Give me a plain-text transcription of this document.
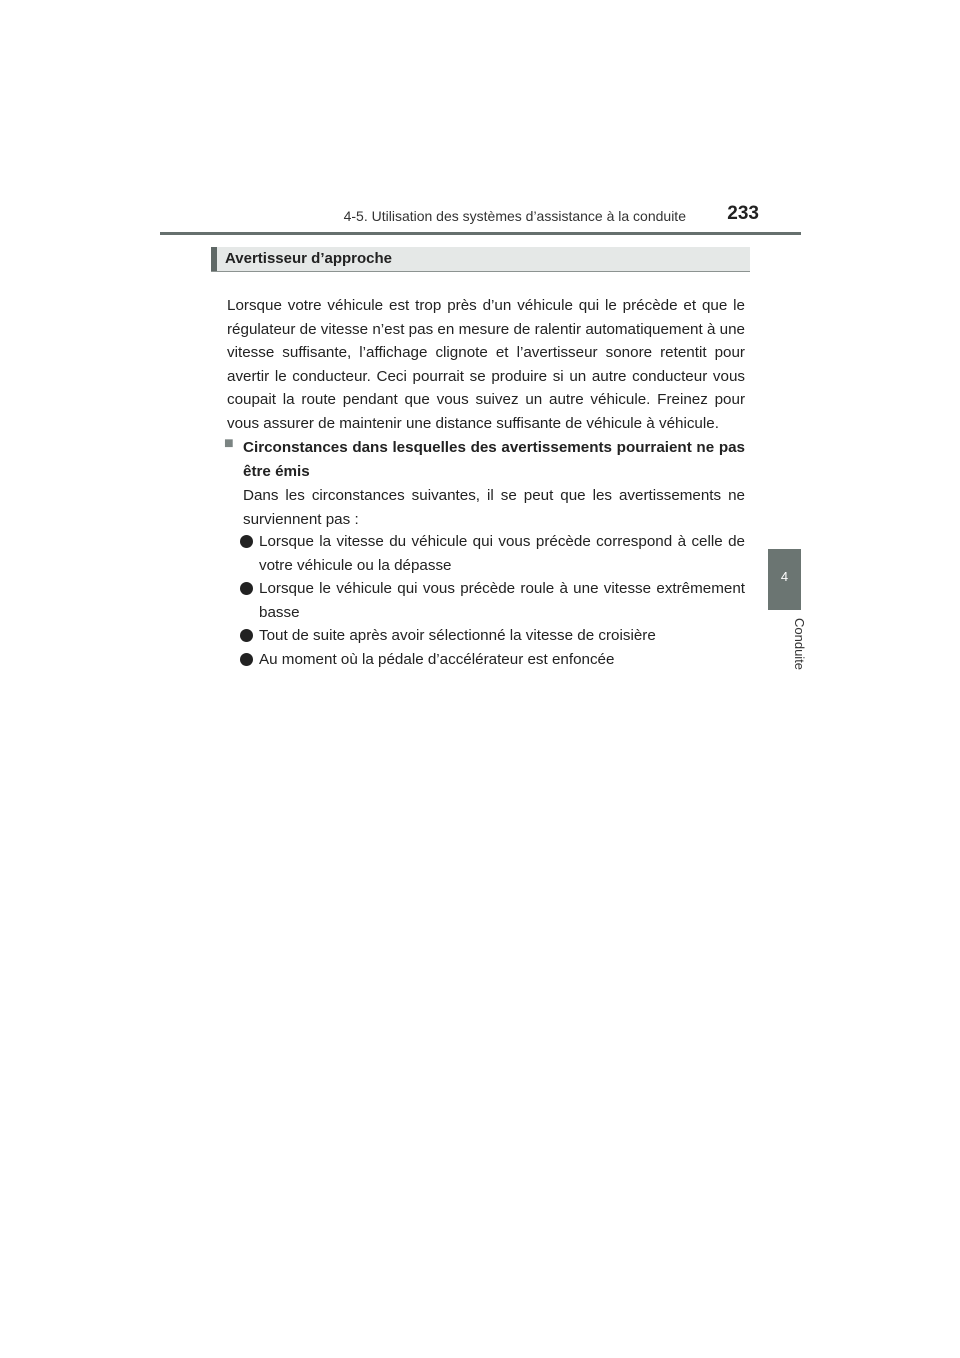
4-5. Utilisation des systèmes d’assistance à la conduite	233
4
Conduite
Avertisseur d’approche
Lorsque votre véhicule est trop près d’un véhicule qui le précède et que le régulateur de vitesse n’est pas en mesure de ralentir automatiquement à une vitesse suffisante, l’affichage clignote et l’avertisseur sonore retentit pour avertir le conducteur. Ceci pourrait se produire si un autre conducteur vous coupait la route pendant que vous suivez un autre véhicule. Freinez pour vous assurer de maintenir une distance suffisante de véhicule à véhicule.
■ Circonstances dans lesquelles des avertissements pourraient ne pas être émis
Dans les circonstances suivantes, il se peut que les avertissements ne surviennent pas :
Lorsque la vitesse du véhicule qui vous précède correspond à celle de votre véhicule ou la dépasse
Lorsque le véhicule qui vous précède roule à une vitesse extrêmement basse
Tout de suite après avoir sélectionné la vitesse de croisière
Au moment où la pédale d’accélérateur est enfoncée
